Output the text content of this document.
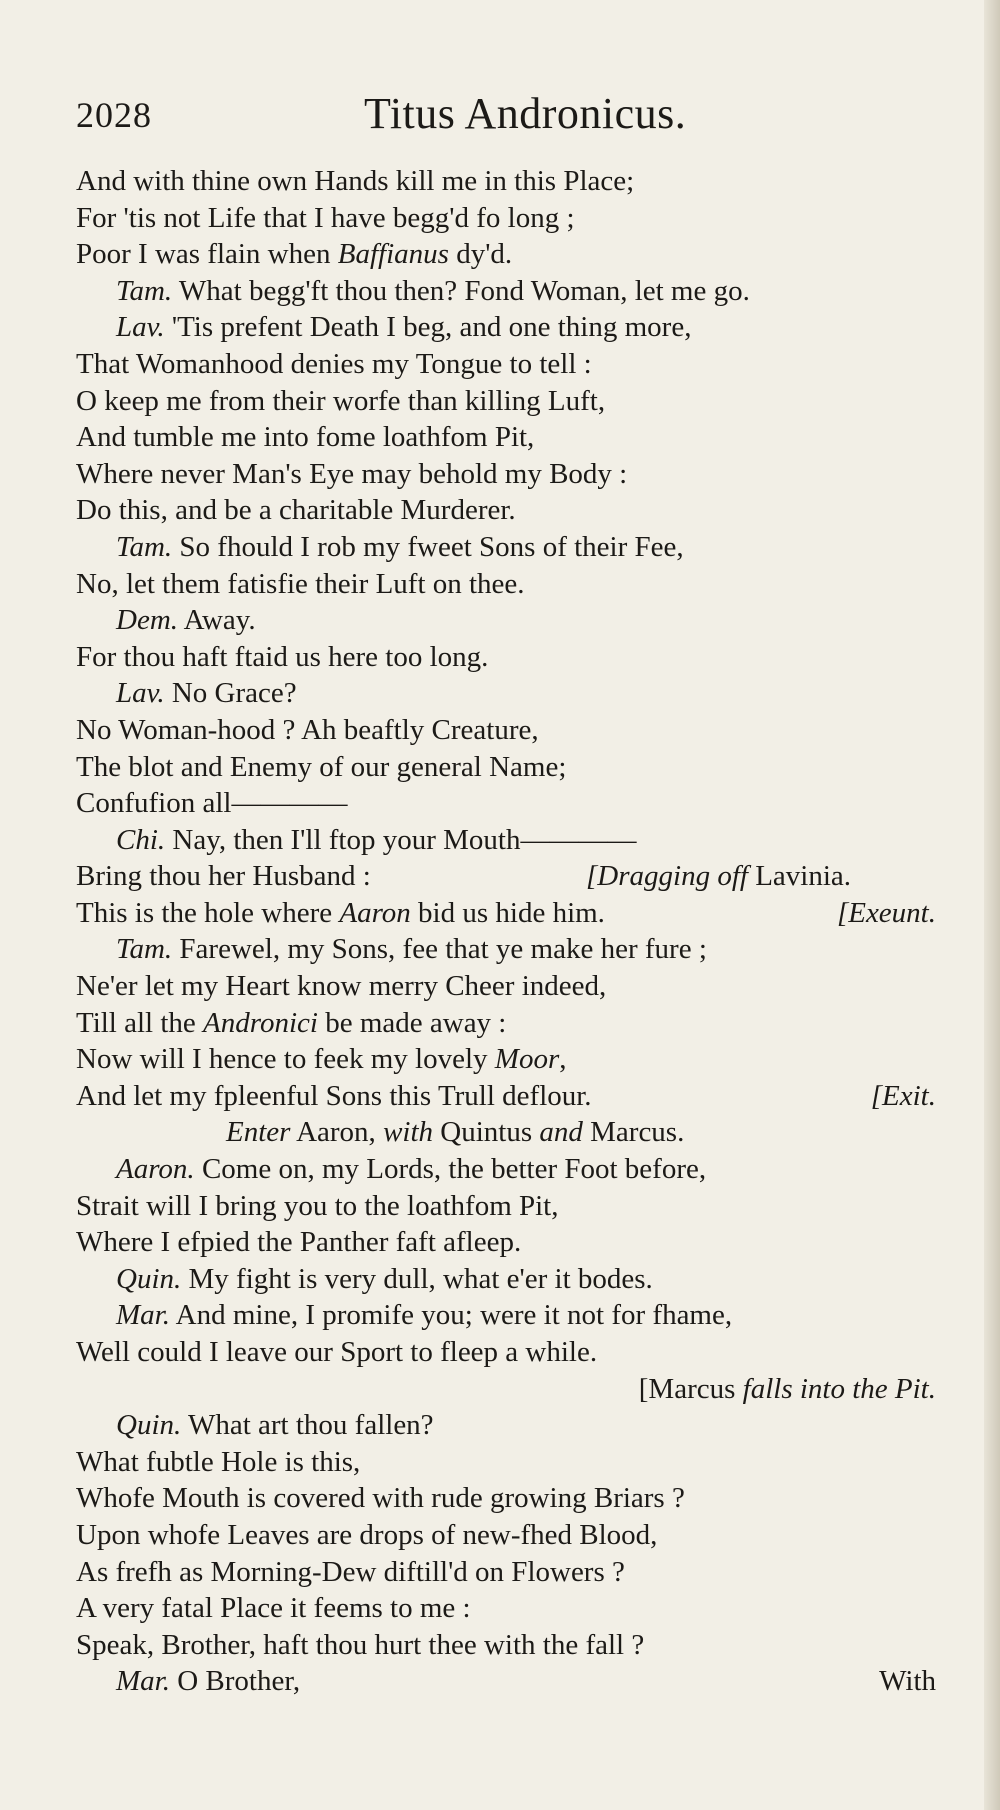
2028	Titus Andronicus.
And with thine own Hands kill me in this Place;
For 'tis not Life that I have begg'd fo long ;
Poor I was flain when Baffianus dy'd.
Tam. What begg'ft thou then? Fond Woman, let me go.
Lav. 'Tis prefent Death I beg, and one thing more,
That Womanhood denies my Tongue to tell :
O keep me from their worfe than killing Luft,
And tumble me into fome loathfom Pit,
Where never Man's Eye may behold my Body :
Do this, and be a charitable Murderer.
Tam. So fhould I rob my fweet Sons of their Fee,
No, let them fatisfie their Luft on thee.
Dem. Away.
For thou haft ftaid us here too long.
Lav. No Grace?
No Woman-hood ? Ah beaftly Creature,
The blot and Enemy of our general Name;
Confufion all————
Chi. Nay, then I'll ftop your Mouth————
Bring thou her Husband :	[Dragging off Lavinia.
This is the hole where Aaron bid us hide him.	[Exeunt.
Tam. Farewel, my Sons, fee that ye make her fure ;
Ne'er let my Heart know merry Cheer indeed,
Till all the Andronici be made away :
Now will I hence to feek my lovely Moor,
And let my fpleenful Sons this Trull deflour.	[Exit.
Enter Aaron, with Quintus and Marcus.
Aaron. Come on, my Lords, the better Foot before,
Strait will I bring you to the loathfom Pit,
Where I efpied the Panther faft afleep.
Quin. My fight is very dull, what e'er it bodes.
Mar. And mine, I promife you; were it not for fhame,
Well could I leave our Sport to fleep a while.
[Marcus falls into the Pit.
Quin. What art thou fallen?
What fubtle Hole is this,
Whofe Mouth is covered with rude growing Briars ?
Upon whofe Leaves are drops of new-fhed Blood,
As frefh as Morning-Dew diftill'd on Flowers ?
A very fatal Place it feems to me :
Speak, Brother, haft thou hurt thee with the fall ?
Mar. O Brother,	With
